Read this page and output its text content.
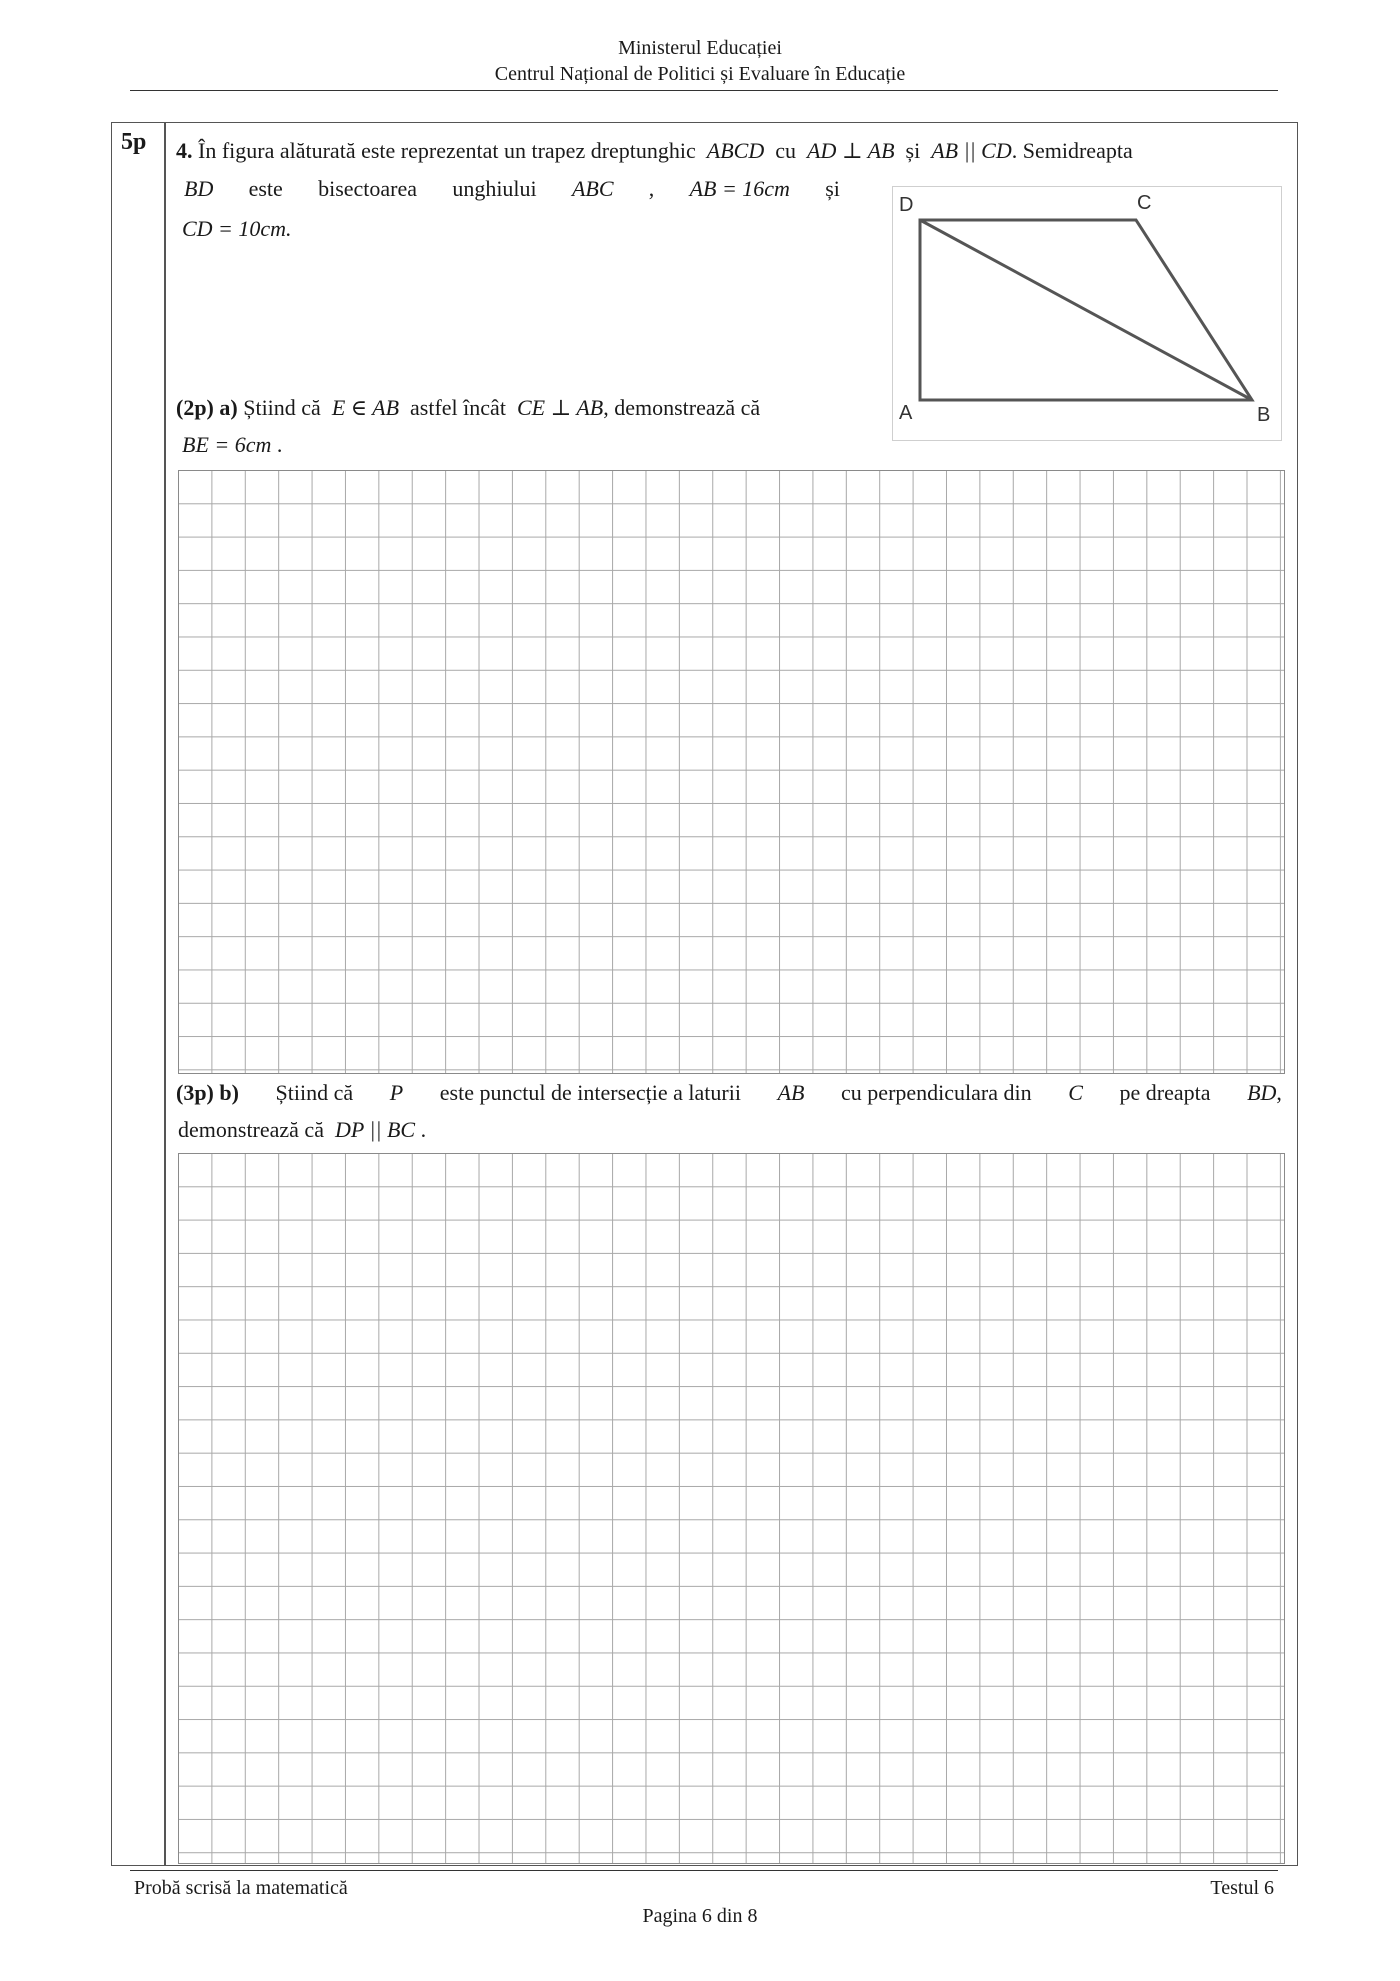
Ministerul Educației
Centrul Național de Politici și Evaluare în Educație
5p 4. În figura alăturată este reprezentat un trapez dreptunghic ABCD cu AD ⊥ AB și AB || CD. Semidreapta
BD este bisectoarea unghiului ABC , AB = 16cm și
CD = 10cm.
D	C
A	B
(2p) a) Știind că E ∈ AB astfel încât CE ⊥ AB, demonstrează că
BE = 6cm .
(3p) b) Știind că P este punctul de intersecție a laturii AB cu perpendiculara din C pe dreapta BD,
demonstrează că DP || BC .
Probă scrisă la matematică	Testul 6
Pagina 6 din 8
